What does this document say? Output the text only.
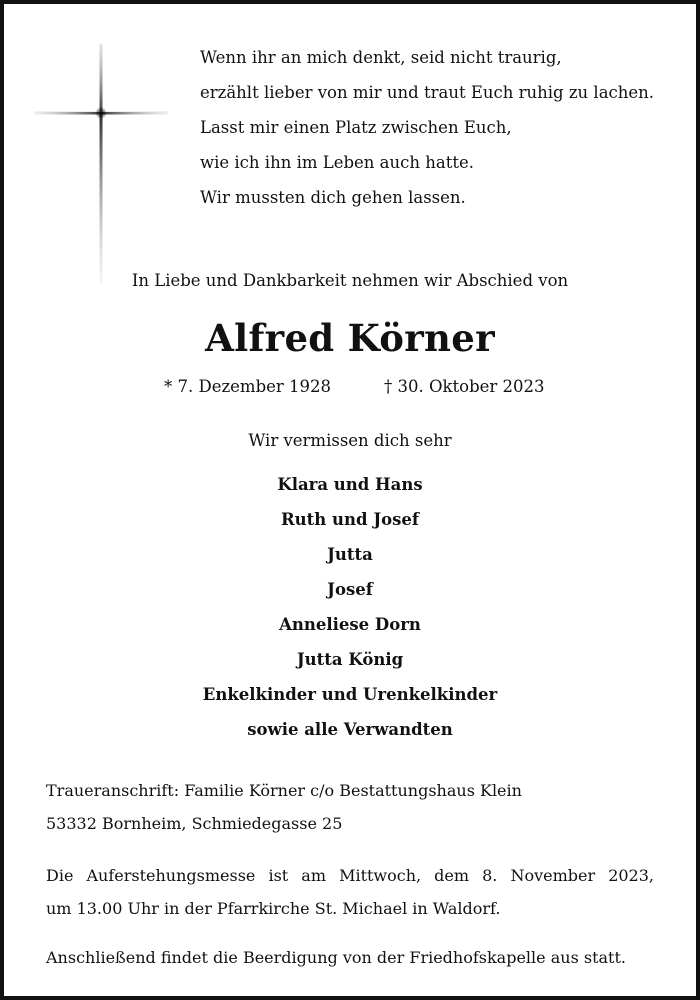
Wenn ihr an mich denkt, seid nicht traurig,
erzählt lieber von mir und traut Euch ruhig zu lachen.
Lasst mir einen Platz zwischen Euch,
wie ich ihn im Leben auch hatte.
Wir mussten dich gehen lassen.
In Liebe und Dankbarkeit nehmen wir Abschied von
Alfred Körner
* 7. Dezember 1928	† 30. Oktober 2023
Wir vermissen dich sehr
Klara und Hans
Ruth und Josef
Jutta
Josef
Anneliese Dorn
Jutta König
Enkelkinder und Urenkelkinder
sowie alle Verwandten
Traueranschrift: Familie Körner c/o Bestattungshaus Klein
53332 Bornheim, Schmiedegasse 25
Die Auferstehungsmesse ist am Mittwoch, dem 8. November 2023,
um 13.00 Uhr in der Pfarrkirche St. Michael in Waldorf.
Anschließend findet die Beerdigung von der Friedhofskapelle aus statt.
